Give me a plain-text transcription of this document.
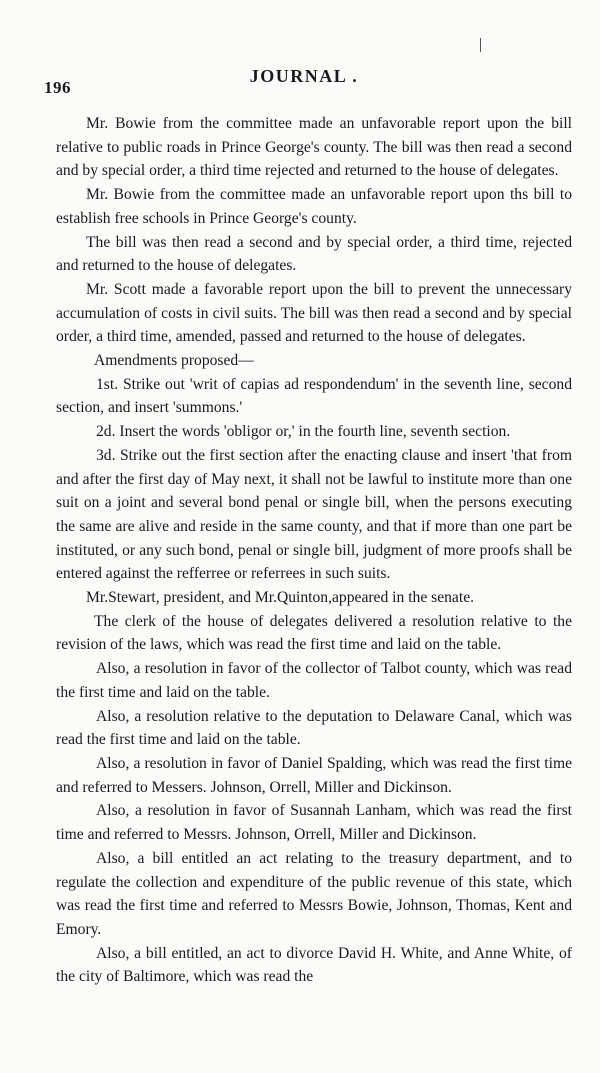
196
JOURNAL .

Mr. Bowie from the committee made an unfavorable report upon the bill relative to public roads in Prince George's county. The bill was then read a second and by special order, a third time rejected and returned to the house of delegates.

Mr. Bowie from the committee made an unfavorable report upon ths bill to establish free schools in Prince George's county.

The bill was then read a second and by special order, a third time, rejected and returned to the house of delegates.

Mr. Scott made a favorable report upon the bill to prevent the unnecessary accumulation of costs in civil suits. The bill was then read a second and by special order, a third time, amended, passed and returned to the house of delegates.

Amendments proposed—

1st. Strike out 'writ of capias ad respondendum' in the seventh line, second section, and insert 'summons.'

2d. Insert the words 'obligor or,' in the fourth line, seventh section.

3d. Strike out the first section after the enacting clause and insert 'that from and after the first day of May next, it shall not be lawful to institute more than one suit on a joint and several bond penal or single bill, when the persons executing the same are alive and reside in the same county, and that if more than one part be instituted, or any such bond, penal or single bill, judgment of more proofs shall be entered against the refferree or referrees in such suits.

Mr.Stewart, president, and Mr.Quinton,appeared in the senate.

The clerk of the house of delegates delivered a resolution relative to the revision of the laws, which was read the first time and laid on the table.

Also, a resolution in favor of the collector of Talbot county, which was read the first time and laid on the table.

Also, a resolution relative to the deputation to Delaware Canal, which was read the first time and laid on the table.

Also, a resolution in favor of Daniel Spalding, which was read the first time and referred to Messers. Johnson, Orrell, Miller and Dickinson.

Also, a resolution in favor of Susannah Lanham, which was read the first time and referred to Messrs. Johnson, Orrell, Miller and Dickinson.

Also, a bill entitled an act relating to the treasury department, and to regulate the collection and expenditure of the public revenue of this state, which was read the first time and referred to Messrs Bowie, Johnson, Thomas, Kent and Emory.

Also, a bill entitled, an act to divorce David H. White, and Anne White, of the city of Baltimore, which was read the
